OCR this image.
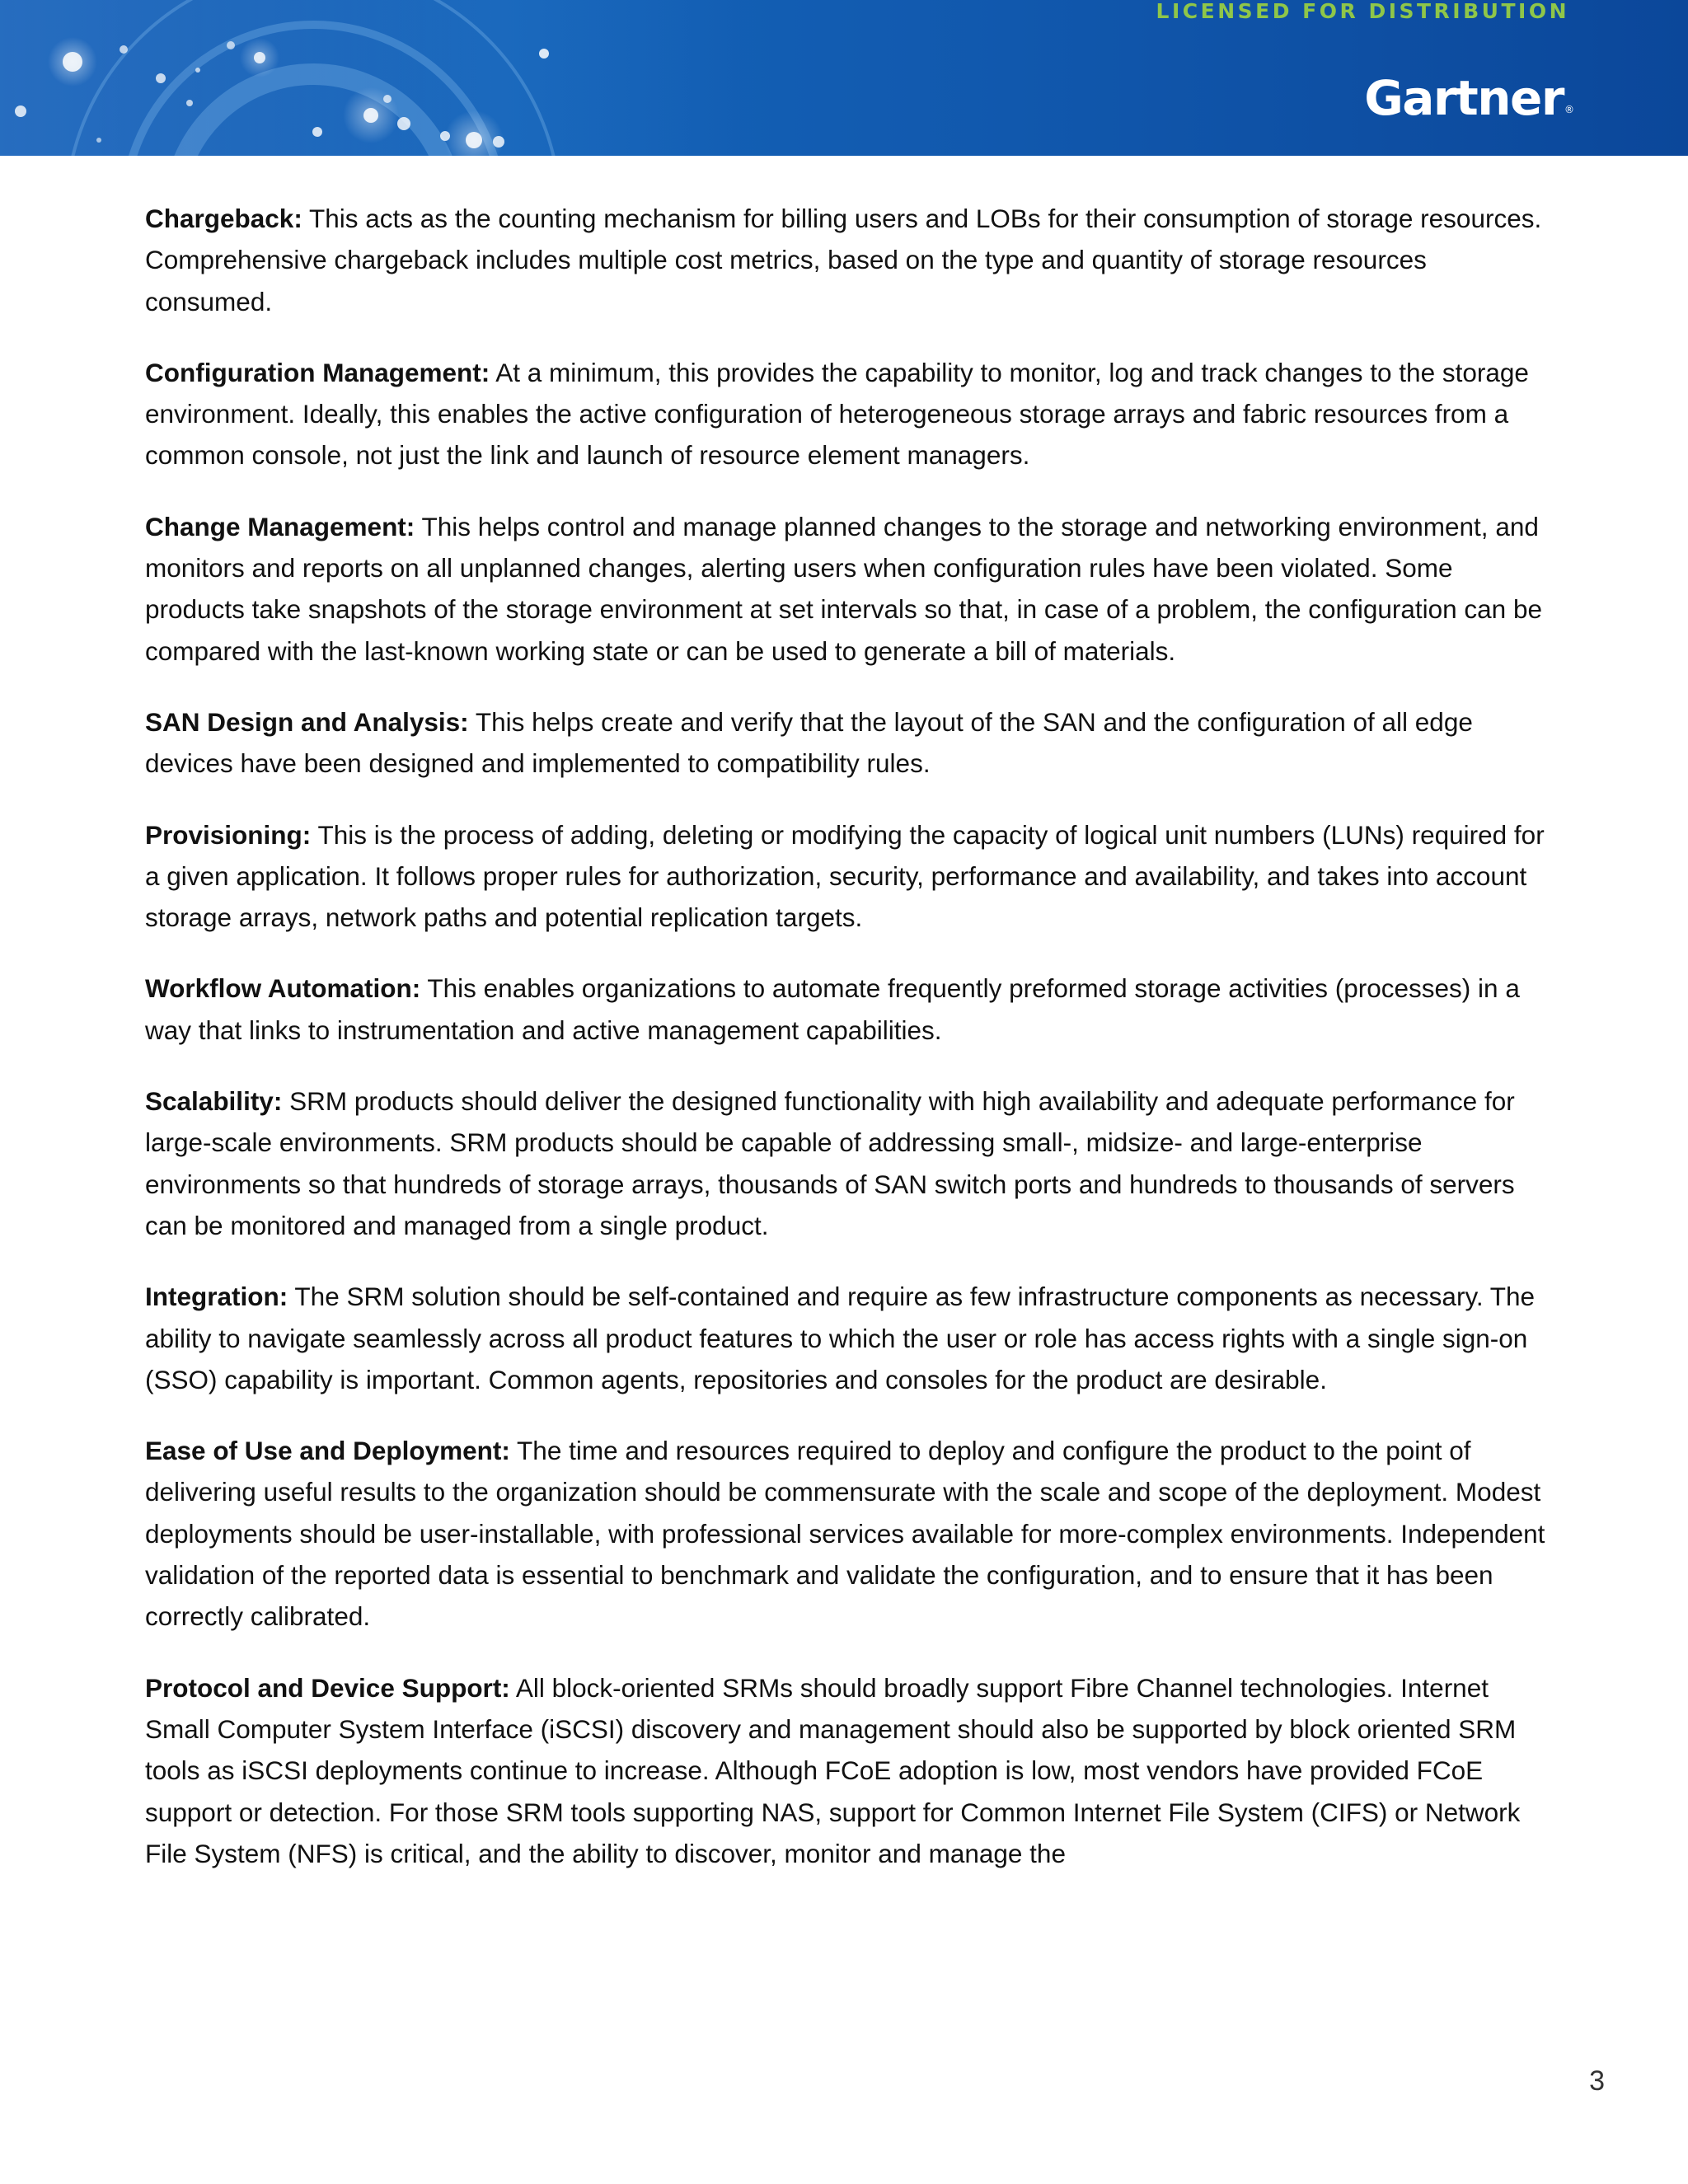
LICENSED FOR DISTRIBUTION
Gartner®

Chargeback: This acts as the counting mechanism for billing users and LOBs for their consumption of storage resources. Comprehensive chargeback includes multiple cost metrics, based on the type and quantity of storage resources consumed.

Configuration Management: At a minimum, this provides the capability to monitor, log and track changes to the storage environment. Ideally, this enables the active configuration of heterogeneous storage arrays and fabric resources from a common console, not just the link and launch of resource element managers.

Change Management: This helps control and manage planned changes to the storage and networking environment, and monitors and reports on all unplanned changes, alerting users when configuration rules have been violated. Some products take snapshots of the storage environment at set intervals so that, in case of a problem, the configuration can be compared with the last-known working state or can be used to generate a bill of materials.

SAN Design and Analysis: This helps create and verify that the layout of the SAN and the configuration of all edge devices have been designed and implemented to compatibility rules.

Provisioning: This is the process of adding, deleting or modifying the capacity of logical unit numbers (LUNs) required for a given application. It follows proper rules for authorization, security, performance and availability, and takes into account storage arrays, network paths and potential replication targets.

Workflow Automation: This enables organizations to automate frequently preformed storage activities (processes) in a way that links to instrumentation and active management capabilities.

Scalability: SRM products should deliver the designed functionality with high availability and adequate performance for large-scale environments. SRM products should be capable of addressing small-, midsize- and large-enterprise environments so that hundreds of storage arrays, thousands of SAN switch ports and hundreds to thousands of servers can be monitored and managed from a single product.

Integration: The SRM solution should be self-contained and require as few infrastructure components as necessary. The ability to navigate seamlessly across all product features to which the user or role has access rights with a single sign-on (SSO) capability is important. Common agents, repositories and consoles for the product are desirable.

Ease of Use and Deployment: The time and resources required to deploy and configure the product to the point of delivering useful results to the organization should be commensurate with the scale and scope of the deployment. Modest deployments should be user-installable, with professional services available for more-complex environments. Independent validation of the reported data is essential to benchmark and validate the configuration, and to ensure that it has been correctly calibrated.

Protocol and Device Support: All block-oriented SRMs should broadly support Fibre Channel technologies. Internet Small Computer System Interface (iSCSI) discovery and management should also be supported by block oriented SRM tools as iSCSI deployments continue to increase. Although FCoE adoption is low, most vendors have provided FCoE support or detection. For those SRM tools supporting NAS, support for Common Internet File System (CIFS) or Network File System (NFS) is critical, and the ability to discover, monitor and manage the

3
